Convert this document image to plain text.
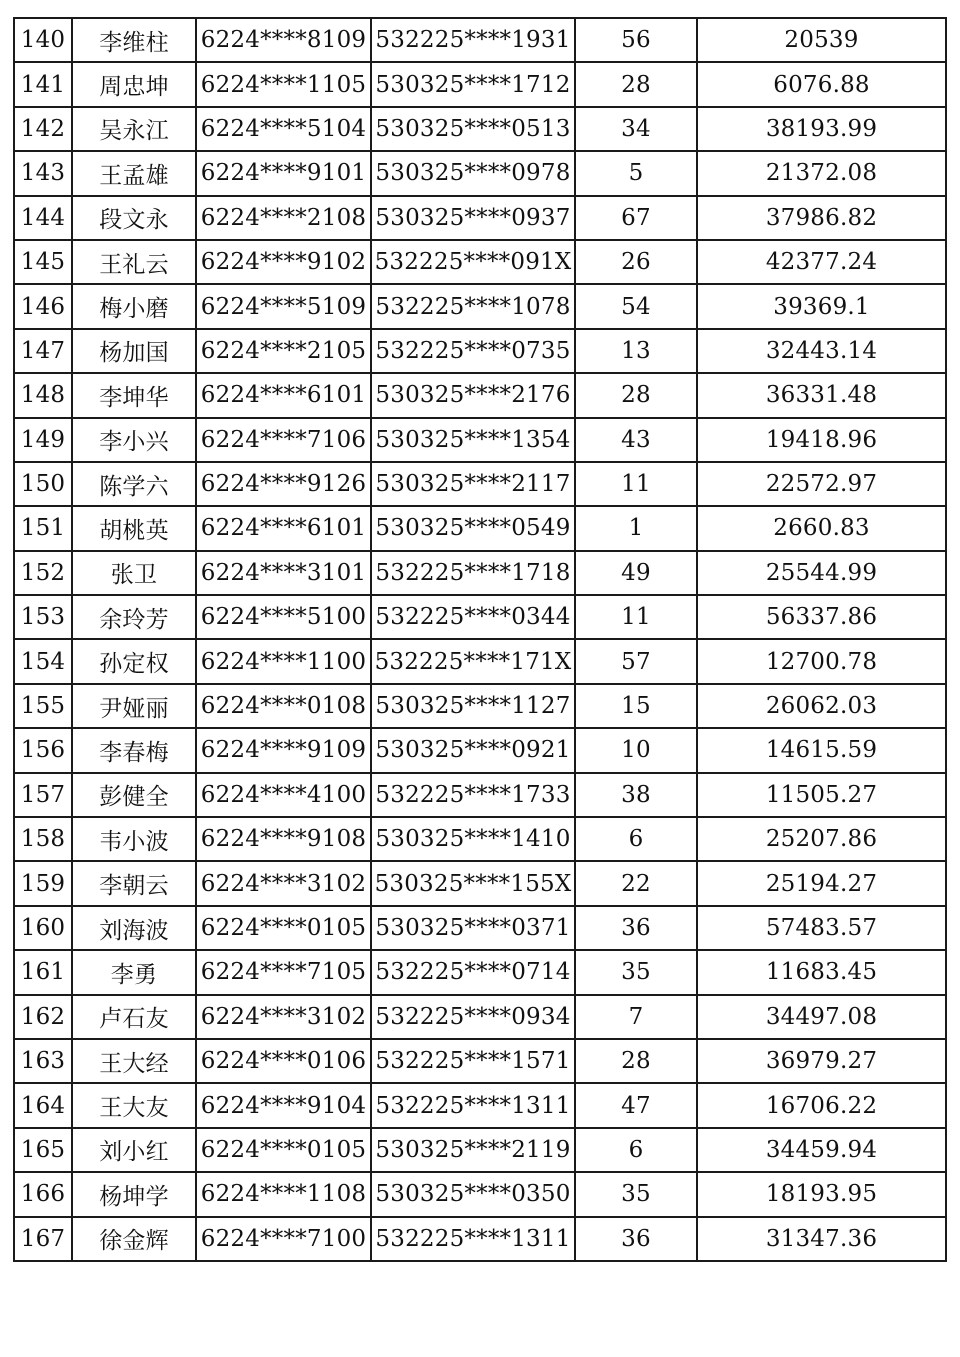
140	李维柱	6224****8109	532225****1931	56	20539
141	周忠坤	6224****1105	530325****1712	28	6076.88
142	吴永江	6224****5104	530325****0513	34	38193.99
143	王孟雄	6224****9101	530325****0978	5	21372.08
144	段文永	6224****2108	530325****0937	67	37986.82
145	王礼云	6224****9102	532225****091X	26	42377.24
146	梅小磨	6224****5109	532225****1078	54	39369.1
147	杨加国	6224****2105	532225****0735	13	32443.14
148	李坤华	6224****6101	530325****2176	28	36331.48
149	李小兴	6224****7106	530325****1354	43	19418.96
150	陈学六	6224****9126	530325****2117	11	22572.97
151	胡桃英	6224****6101	530325****0549	1	2660.83
152	张卫	6224****3101	532225****1718	49	25544.99
153	余玲芳	6224****5100	532225****0344	11	56337.86
154	孙定权	6224****1100	532225****171X	57	12700.78
155	尹娅丽	6224****0108	530325****1127	15	26062.03
156	李春梅	6224****9109	530325****0921	10	14615.59
157	彭健全	6224****4100	532225****1733	38	11505.27
158	韦小波	6224****9108	530325****1410	6	25207.86
159	李朝云	6224****3102	530325****155X	22	25194.27
160	刘海波	6224****0105	530325****0371	36	57483.57
161	李勇	6224****7105	532225****0714	35	11683.45
162	卢石友	6224****3102	532225****0934	7	34497.08
163	王大经	6224****0106	532225****1571	28	36979.27
164	王大友	6224****9104	532225****1311	47	16706.22
165	刘小红	6224****0105	530325****2119	6	34459.94
166	杨坤学	6224****1108	530325****0350	35	18193.95
167	徐金辉	6224****7100	532225****1311	36	31347.36
